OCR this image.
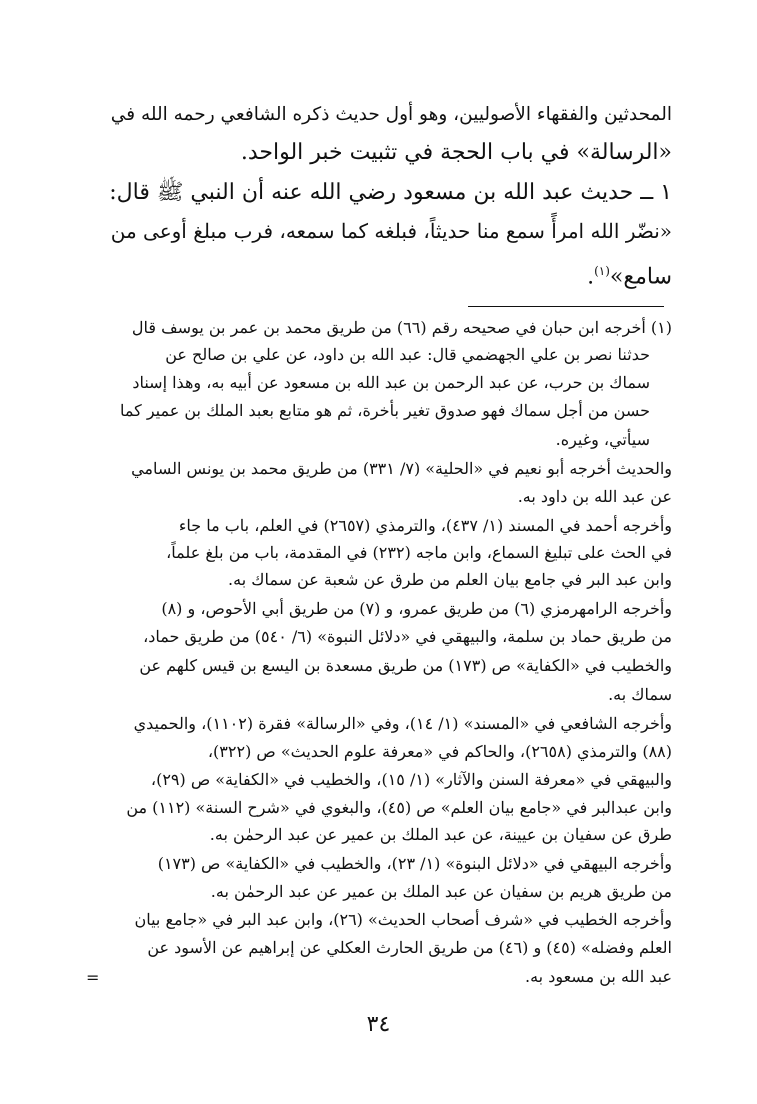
المحدثين والفقهاء الأصوليين، وهو أول حديث ذكره الشافعي رحمه الله في
«الرسالة» في باب الحجة في تثبيت خبر الواحد.
١ ــ حديث عبد الله بن مسعود رضي الله عنه أن النبي ﷺ قال:
«نضّر الله امرأً سمع منا حديثاً، فبلغه كما سمعه، فرب مبلغ أوعى من
سامع»$^{(١)}$.
(١) أخرجه ابن حبان في صحيحه رقم (٦٦) من طريق محمد بن عمر بن يوسف قال
حدثنا نصر بن علي الجهضمي قال: عبد الله بن داود، عن علي بن صالح عن
سماك بن حرب، عن عبد الرحمن بن عبد الله بن مسعود عن أبيه به، وهذا إسناد
حسن من أجل سماك فهو صدوق تغير بأخرة، ثم هو متابع بعبد الملك بن عمير كما
سيأتي، وغيره.
والحديث أخرجه أبو نعيم في «الحلية» (٧/ ٣٣١) من طريق محمد بن يونس السامي
عن عبد الله بن داود به.
وأخرجه أحمد في المسند (١/ ٤٣٧)، والترمذي (٢٦٥٧) في العلم، باب ما جاء
في الحث على تبليغ السماع، وابن ماجه (٢٣٢) في المقدمة، باب من بلغ علماً،
وابن عبد البر في جامع بيان العلم من طرق عن شعبة عن سماك به.
وأخرجه الرامهرمزي (٦) من طريق عمرو، و (٧) من طريق أبي الأحوص، و (٨)
من طريق حماد بن سلمة، والبيهقي في «دلائل النبوة» (٦/ ٥٤٠) من طريق حماد،
والخطيب في «الكفاية» ص (١٧٣) من طريق مسعدة بن اليسع بن قيس كلهم عن
سماك به.
وأخرجه الشافعي في «المسند» (١/ ١٤)، وفي «الرسالة» فقرة (١١٠٢)، والحميدي
(٨٨) والترمذي (٢٦٥٨)، والحاكم في «معرفة علوم الحديث» ص (٣٢٢)،
والبيهقي في «معرفة السنن والآثار» (١/ ١٥)، والخطيب في «الكفاية» ص (٢٩)،
وابن عبدالبر في «جامع بيان العلم» ص (٤٥)، والبغوي في «شرح السنة» (١١٢) من
طرق عن سفيان بن عيينة، عن عبد الملك بن عمير عن عبد الرحمٰن به.
وأخرجه البيهقي في «دلائل البنوة» (١/ ٢٣)، والخطيب في «الكفاية» ص (١٧٣)
من طريق هريم بن سفيان عن عبد الملك بن عمير عن عبد الرحمٰن به.
وأخرجه الخطيب في «شرف أصحاب الحديث» (٢٦)، وابن عبد البر في «جامع بيان
العلم وفضله» (٤٥) و (٤٦) من طريق الحارث العكلي عن إبراهيم عن الأسود عن
عبد الله بن مسعود به.
=
٣٤
